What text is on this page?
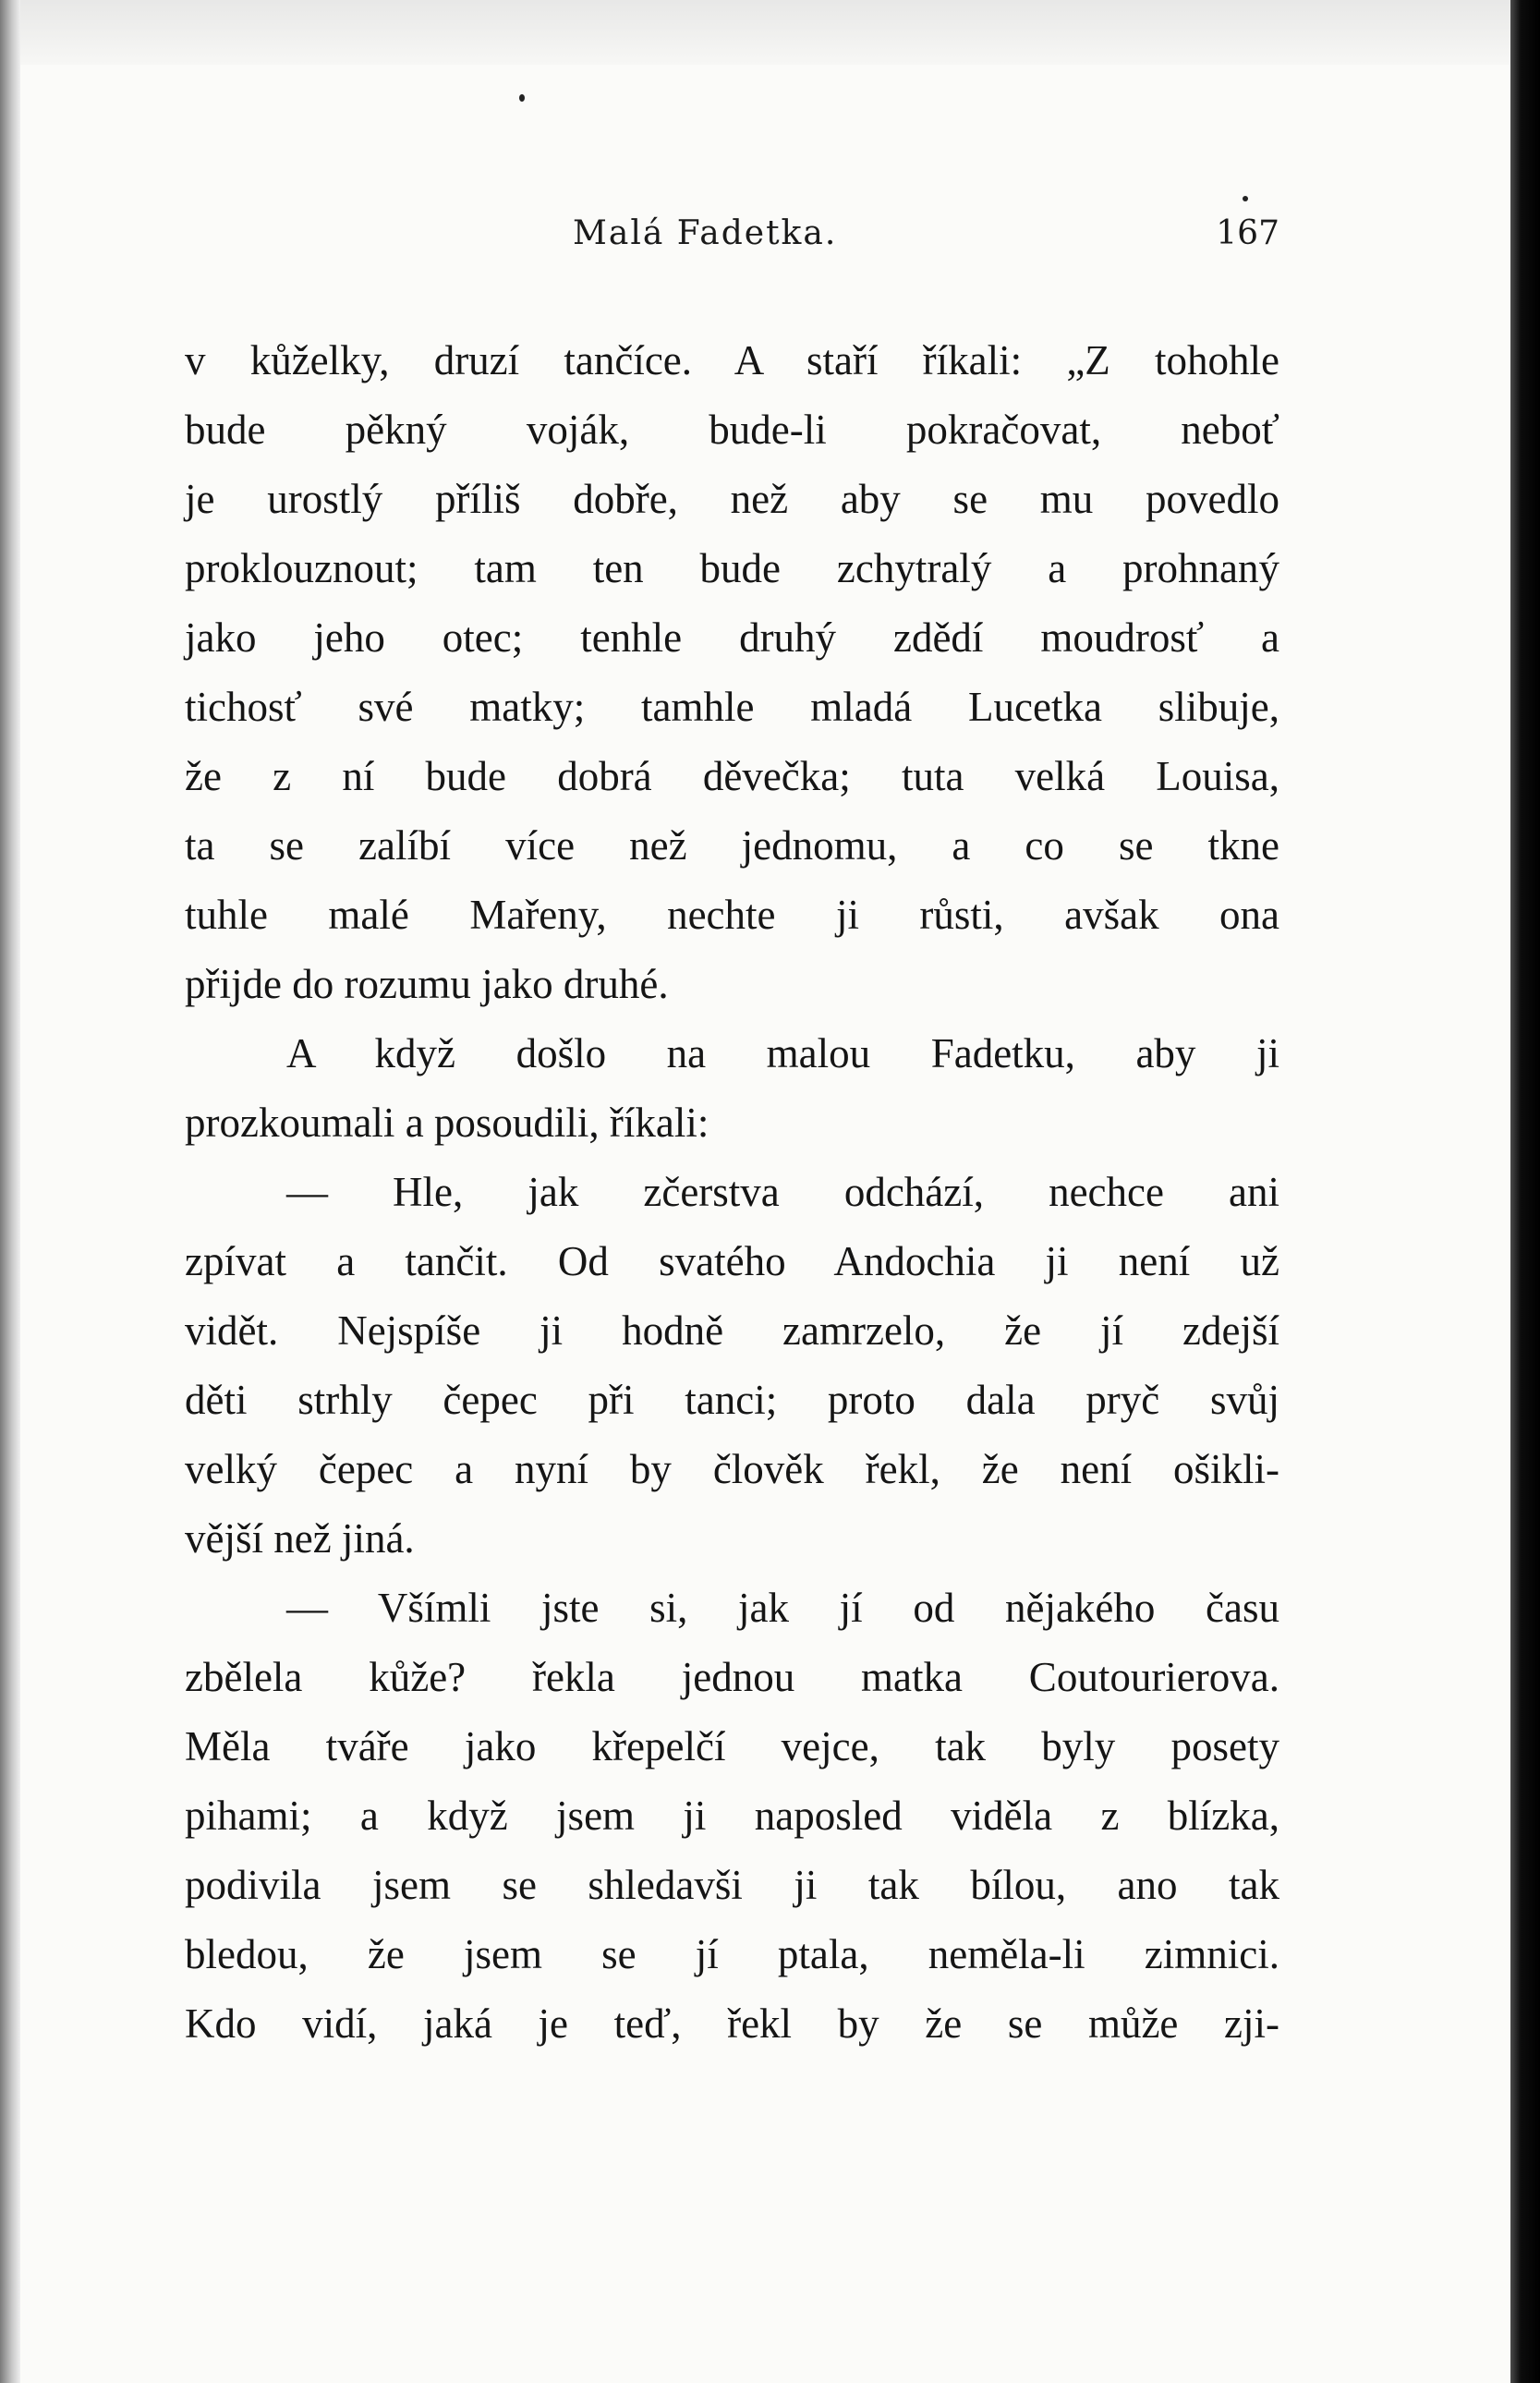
Malá Fadetka.	167
v kůželky, druzí tančíce. A staří říkali: „Z tohohle
bude pěkný voják, bude-li pokračovat, neboť
je urostlý příliš dobře, než aby se mu povedlo
proklouznout; tam ten bude zchytralý a prohnaný
jako jeho otec; tenhle druhý zdědí moudrosť a
tichosť své matky; tamhle mladá Lucetka slibuje,
že z ní bude dobrá děvečka; tuta velká Louisa,
ta se zalíbí více než jednomu, a co se tkne
tuhle malé Mařeny, nechte ji růsti, avšak ona
přijde do rozumu jako druhé.
A když došlo na malou Fadetku, aby ji
prozkoumali a posoudili, říkali:
— Hle, jak zčerstva odchází, nechce ani
zpívat a tančit. Od svatého Andochia ji není už
vidět. Nejspíše ji hodně zamrzelo, že jí zdejší
děti strhly čepec při tanci; proto dala pryč svůj
velký čepec a nyní by člověk řekl, že není ošikli-
vější než jiná.
— Všímli jste si, jak jí od nějakého času
zbělela kůže? řekla jednou matka Coutourierova.
Měla tváře jako křepelčí vejce, tak byly posety
pihami; a když jsem ji naposled viděla z blízka,
podivila jsem se shledavši ji tak bílou, ano tak
bledou, že jsem se jí ptala, neměla-li zimnici.
Kdo vidí, jaká je teď, řekl by že se může zji-
